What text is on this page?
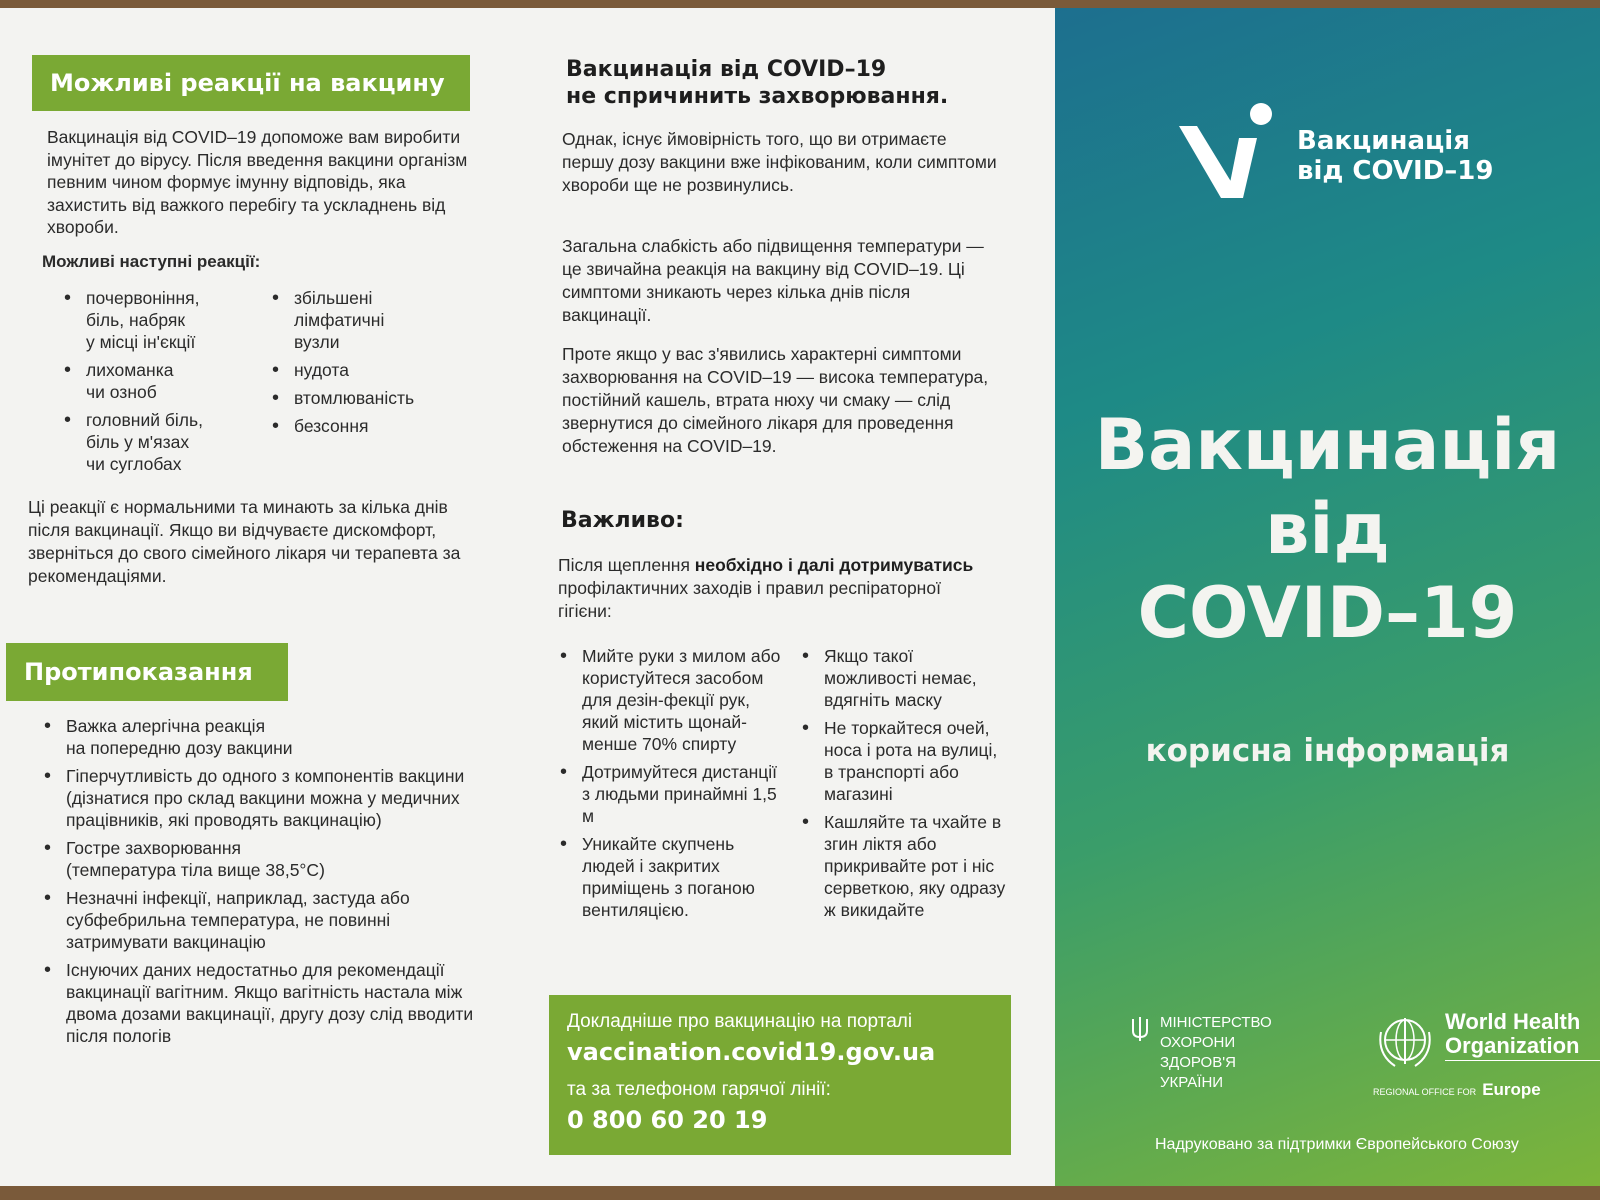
Можливі реакції на вакцину

Вакцинація від COVID–19 допоможе вам виробити імунітет до вірусу. Після введення вакцини організм певним чином формує імунну відповідь, яка захистить від важкого перебігу та ускладнень від хвороби.

Можливі наступні реакції:
• почервоніння,
біль, набряк
у місці ін'єкції
• лихоманка
чи озноб
• головний біль,
біль у м'язах
чи суглобах
• збільшені
лімфатичні
вузли
• нудота
• втомлюваність
• безсоння

Ці реакції є нормальними та минають за кілька днів після вакцинації. Якщо ви відчуваєте дискомфорт, зверніться до свого сімейного лікаря чи терапевта за рекомендаціями.

Протипоказання
• Важка алергічна реакція
на попередню дозу вакцини
• Гіперчутливість до одного з компонентів вакцини (дізнатися про склад вакцини можна у медичних працівників, які проводять вакцинацію)
• Гостре захворювання
(температура тіла вище 38,5°C)
• Незначні інфекції, наприклад, застуда або субфебрильна температура, не повинні затримувати вакцинацію
• Існуючих даних недостатньо для рекомендації вакцинації вагітним. Якщо вагітність настала між двома дозами вакцинації, другу дозу слід вводити після пологів
Вакцинація від COVID–19
не спричинить захворювання.

Однак, існує ймовірність того, що ви отримаєте першу дозу вакцини вже інфікованим, коли симптоми хвороби ще не розвинулись.

Загальна слабкість або підвищення температури — це звичайна реакція на вакцину від COVID–19. Ці симптоми зникають через кілька днів після вакцинації.

Проте якщо у вас з'явились характерні симптоми захворювання на COVID–19 — висока температура, постійний кашель, втрата нюху чи смаку — слід звернутися до сімейного лікаря для проведення обстеження на COVID–19.

Важливо:

Після щеплення необхідно і далі дотримуватись профілактичних заходів і правил респіраторної гігієни:

• Мийте руки з милом або користуйтеся засобом для дезін-фекції рук, який містить щонай-менше 70% спирту
• Дотримуйтеся дистанції з людьми принаймні 1,5 м
• Уникайте скупчень людей і закритих приміщень з поганою вентиляцією.
• Якщо такої можливості немає, вдягніть маску
• Не торкайтеся очей, носа і рота на вулиці, в транспорті або магазині
• Кашляйте та чхайте в згин ліктя або прикривайте рот і ніс серветкою, яку одразу ж викидайте
Докладніше про вакцинацію на порталі
vaccination.covid19.gov.ua
та за телефоном гарячої лінії:
0 800 60 20 19
Вакцинація
від COVID–19
Вакцинація
від
COVID–19
корисна інформація
МІНІСТЕРСТВО
ОХОРОНИ
ЗДОРОВ'Я
УКРАЇНИ
World Health
Organization
REGIONAL OFFICE FOR Europe
Надруковано за підтримки Європейського Союзу
